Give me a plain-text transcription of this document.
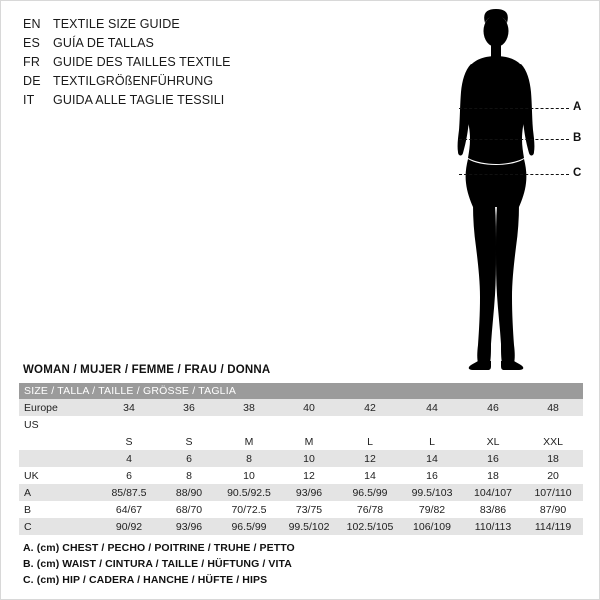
EN TEXTILE SIZE GUIDE
ES	GUÍA DE TALLAS
FR	GUIDE DES TAILLES TEXTILE
DE TEXTILGRÖßENFÜHRUNG
IT	GUIDA ALLE TAGLIE TESSILI	A
B
C
WOMAN / MUJER / FEMME / FRAU / DONNA
SIZE / TALLA / TAILLE / GRÖSSE / TAGLIA								
Europe	34	36	38	40	42	44	46	48
US								
	S	S	M	M	L	L	XL	XXL
	4	6	8	10	12	14	16	18
UK	6	8	10	12	14	16	18	20
A	85/87.5	88/90	90.5/92.5	93/96	96.5/99	99.5/103	104/107	107/110
B	64/67	68/70	70/72.5	73/75	76/78	79/82	83/86	87/90
C	90/92	93/96	96.5/99	99.5/102	102.5/105	106/109	110/113	114/119
A. (cm) CHEST / PECHO / POITRINE / TRUHE / PETTO
B. (cm) WAIST / CINTURA / TAILLE / HÜFTUNG / VITA
C. (cm) HIP / CADERA / HANCHE / HÜFTE / HIPS
